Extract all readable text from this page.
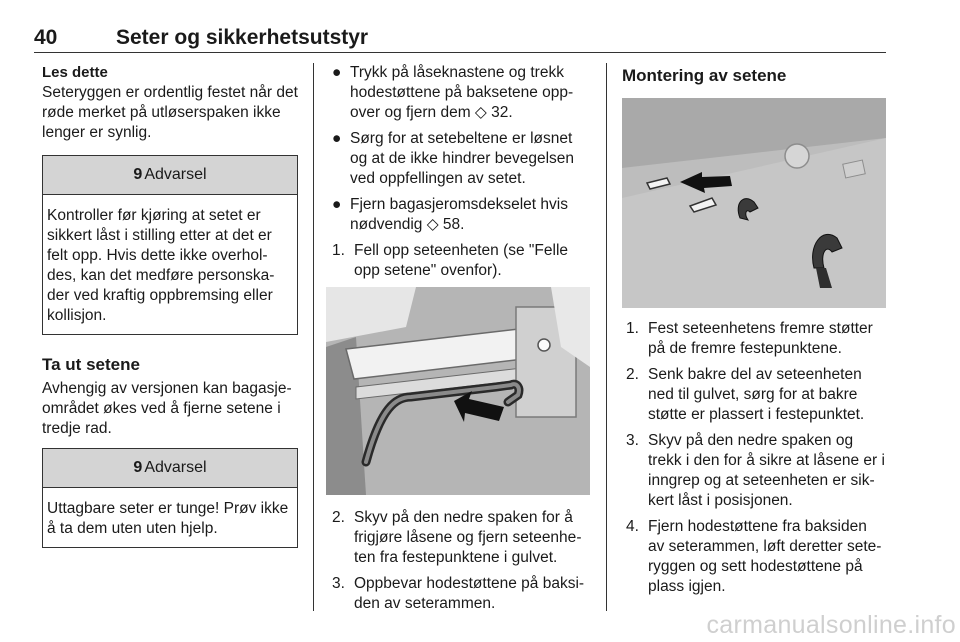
40	Seter og sikkerhetsutstyr
Les dette

Seteryggen er ordentlig festet når det røde merket på utløserspaken ikke lenger er synlig.

9 Advarsel
Kontroller før kjøring at setet er sikkert låst i stilling etter at det er felt opp. Hvis dette ikke overholdes, kan det medføre personskader ved kraftig oppbremsing eller kollisjon.
Ta ut setene

Avhengig av versjonen kan bagasjeområdet økes ved å fjerne setene i tredje rad.

9 Advarsel
Uttagbare seter er tunge! Prøv ikke å ta dem uten uten hjelp.
● Trykk på låseknastene og trekk hodestøttene på baksetene oppover og fjern dem ◇ 32.
● Sørg for at setebeltene er løsnet og at de ikke hindrer bevegelsen ved oppfellingen av setet.
● Fjern bagasjeromsdekselet hvis nødvendig ◇ 58.
1. Fell opp seteenheten (se "Felle opp setene" ovenfor).
2. Skyv på den nedre spaken for å frigjøre låsene og fjern seteenheten fra festepunktene i gulvet.
3. Oppbevar hodestøttene på baksiden av seterammen.
Montering av setene
1. Fest seteenhetens fremre støtter på de fremre festepunktene.
2. Senk bakre del av seteenheten ned til gulvet, sørg for at bakre støtte er plassert i festepunktet.
3. Skyv på den nedre spaken og trekk i den for å sikre at låsene er i inngrep og at seteenheten er sikkert låst i posisjonen.
4. Fjern hodestøttene fra baksiden av seterammen, løft deretter seteryggen og sett hodestøttene på plass igjen.
carmanualsonline.info
